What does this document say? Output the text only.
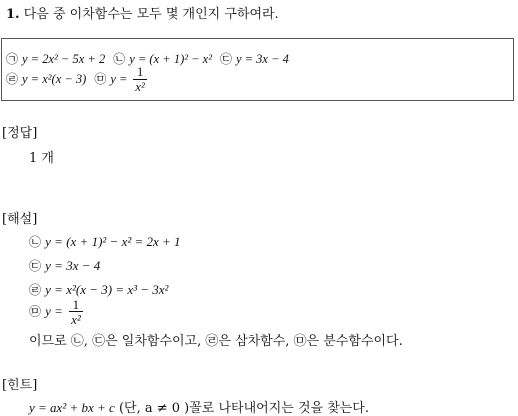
1. 다음 중 이차함수는 모두 몇 개인지 구하여라.
㉠ y = 2x² − 5x + 2 ㉡ y = (x + 1)² − x² ㉢ y = 3x − 4
㉣ y = x²(x − 3) ㉤ $y = \frac{1}{\text{x²}}$
[정답]
1 개
[해설]
㉡ y = (x + 1)² − x² = 2x + 1
㉢ y = 3x − 4
㉣ y = x²(x − 3) = x³ − 3x²
㉤ $y = \frac{1}{\text{x²}}$
이므로 ㉡, ㉢은 일차함수이고, ㉣은 삼차함수, ㉤은 분수함수이다.
[힌트]
y = ax² + bx + c (단, a ≠ 0 )꼴로 나타내어지는 것을 찾는다.
